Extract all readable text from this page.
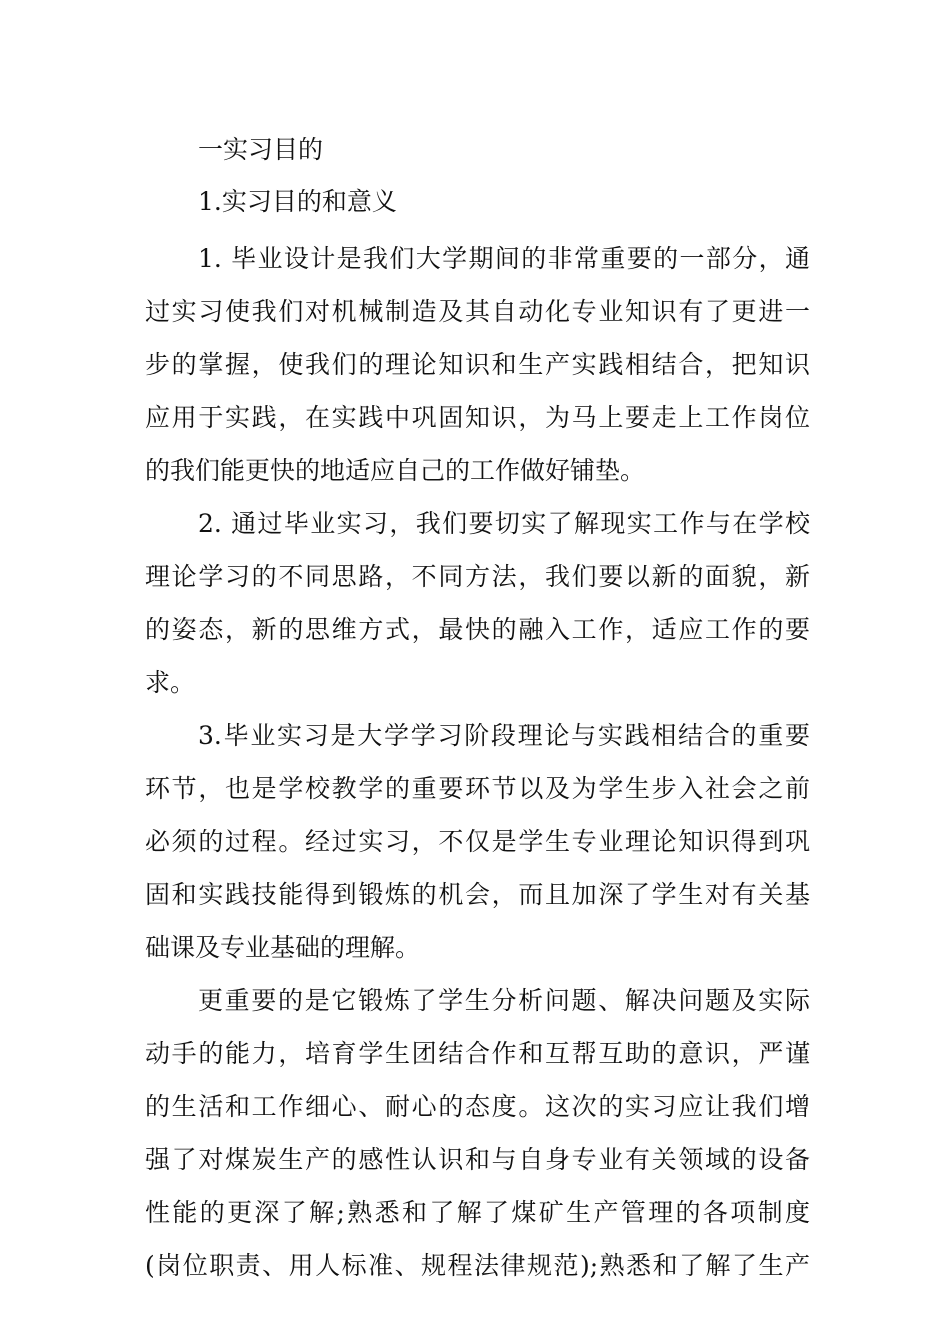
一实习目的
1.实习目的和意义
1. 毕业设计是我们大学期间的非常重要的一部分，通
过实习使我们对机械制造及其自动化专业知识有了更进一
步的掌握，使我们的理论知识和生产实践相结合，把知识
应用于实践，在实践中巩固知识，为马上要走上工作岗位
的我们能更快的地适应自己的工作做好铺垫。
2. 通过毕业实习，我们要切实了解现实工作与在学校
理论学习的不同思路，不同方法，我们要以新的面貌，新
的姿态，新的思维方式，最快的融入工作，适应工作的要
求。
3.毕业实习是大学学习阶段理论与实践相结合的重要
环节，也是学校教学的重要环节以及为学生步入社会之前
必须的过程。经过实习，不仅是学生专业理论知识得到巩
固和实践技能得到锻炼的机会，而且加深了学生对有关基
础课及专业基础的理解。
更重要的是它锻炼了学生分析问题、解决问题及实际
动手的能力，培育学生团结合作和互帮互助的意识，严谨
的生活和工作细心、耐心的态度。这次的实习应让我们增
强了对煤炭生产的感性认识和与自身专业有关领域的设备
性能的更深了解;熟悉和了解了煤矿生产管理的各项制度
(岗位职责、用人标准、规程法律规范);熟悉和了解了生产
